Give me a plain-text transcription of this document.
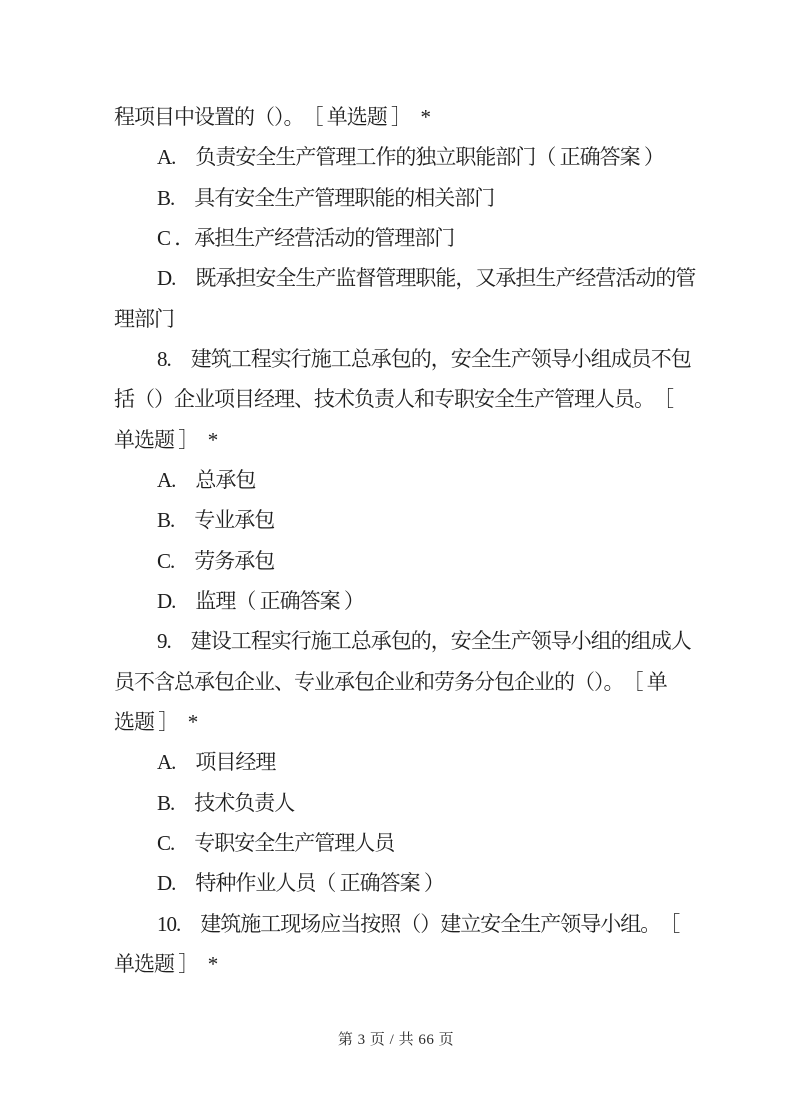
程项目中设置的（）。　［ 单选题 ］　*
A.　负责安全生产管理工作的独立职能部门（ 正确答案 ）
B.　具有安全生产管理职能的相关部门
C ．承担生产经营活动的管理部门
D.　既承担安全生产监督管理职能，又承担生产经营活动的管
理部门
8.　建筑工程实行施工总承包的，安全生产领导小组成员不包
括（）企业项目经理、技术负责人和专职安全生产管理人员。　［
单选题 ］　*
A.　总承包
B.　专业承包
C.　劳务承包
D.　监理（ 正确答案 ）
9.　建设工程实行施工总承包的，安全生产领导小组的组成人
员不含总承包企业、专业承包企业和劳务分包企业的（）。　［ 单
选题 ］　*
A.　项目经理
B.　技术负责人
C.　专职安全生产管理人员
D.　特种作业人员（ 正确答案 ）
10.　建筑施工现场应当按照（）建立安全生产领导小组。　［
单选题 ］　*
第 3 页 / 共 66 页
